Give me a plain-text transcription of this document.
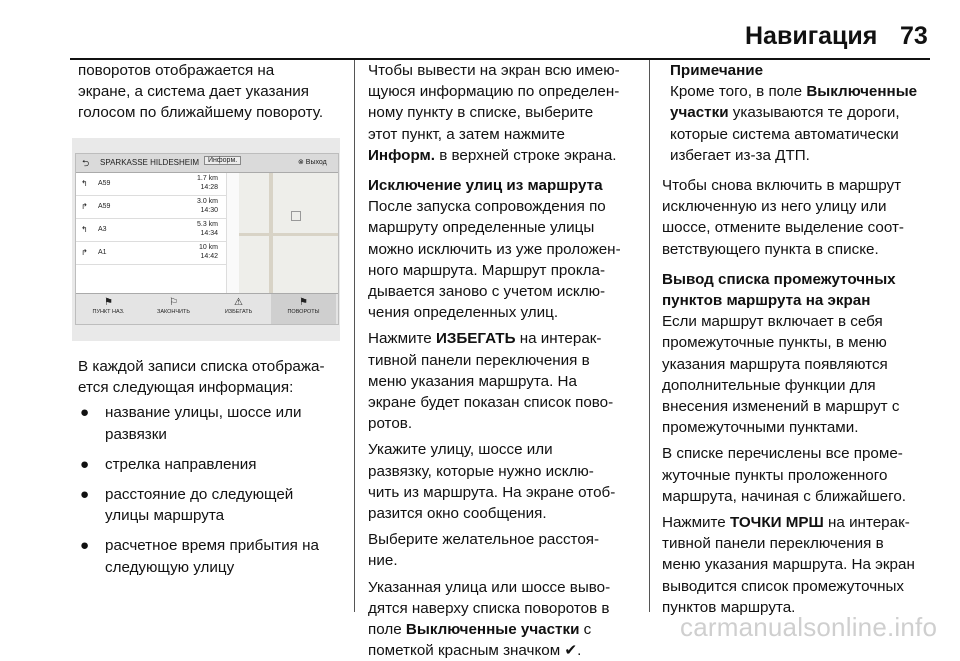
Навигация 73

поворотов отображается на
экране, а система дает указания
голосом по ближайшему повороту.

⮌ SPARKASSE HILDESHEIM	Информ.	⊗ Выход
↰ A59
1.7 km
14:28
↱ A59
3.0 km
14:30
↰ A3
5.3 km
14:34
↱ A1
10 km
14:42
⚑
ПУНКТ НАЗ.
⚐
ЗАКОНЧИТЬ
⚠
ИЗБЕГАТЬ
⚑
ПОВОРОТЫ

В каждой записи списка отобража-
ется следующая информация:

● название улицы, шоссе или
развязки
● стрелка направления
● расстояние до следующей
улицы маршрута
● расчетное время прибытия на
следующую улицу

Чтобы вывести на экран всю имею-
щуюся информацию по определен-
ному пункту в списке, выберите
этот пункт, а затем нажмите
Информ. в верхней строке экрана.

Исключение улиц из маршрута

После запуска сопровождения по
маршруту определенные улицы
можно исключить из уже проложен-
ного маршрута. Маршрут прокла-
дывается заново с учетом исклю-
чения определенных улиц.

Нажмите ИЗБЕГАТЬ на интерак-
тивной панели переключения в
меню указания маршрута. На
экране будет показан список пово-
ротов.

Укажите улицу, шоссе или
развязку, которые нужно исклю-
чить из маршрута. На экране отоб-
разится окно сообщения.

Выберите желательное расстоя-
ние.

Указанная улица или шоссе выво-
дятся наверху списка поворотов в
поле Выключенные участки с
пометкой красным значком ✔.

Примечание

Кроме того, в поле Выключенные
участки указываются те дороги,
которые система автоматически
избегает из-за ДТП.

Чтобы снова включить в маршрут
исключенную из него улицу или
шоссе, отмените выделение соот-
ветствующего пункта в списке.

Вывод списка промежуточных
пунктов маршрута на экран

Если маршрут включает в себя
промежуточные пункты, в меню
указания маршрута появляются
дополнительные функции для
внесения изменений в маршрут с
промежуточными пунктами.

В списке перечислены все проме-
жуточные пункты проложенного
маршрута, начиная с ближайшего.

Нажмите ТОЧКИ МРШ на интерак-
тивной панели переключения в
меню указания маршрута. На экран
выводится список промежуточных
пунктов маршрута.

carmanualsonline.info
